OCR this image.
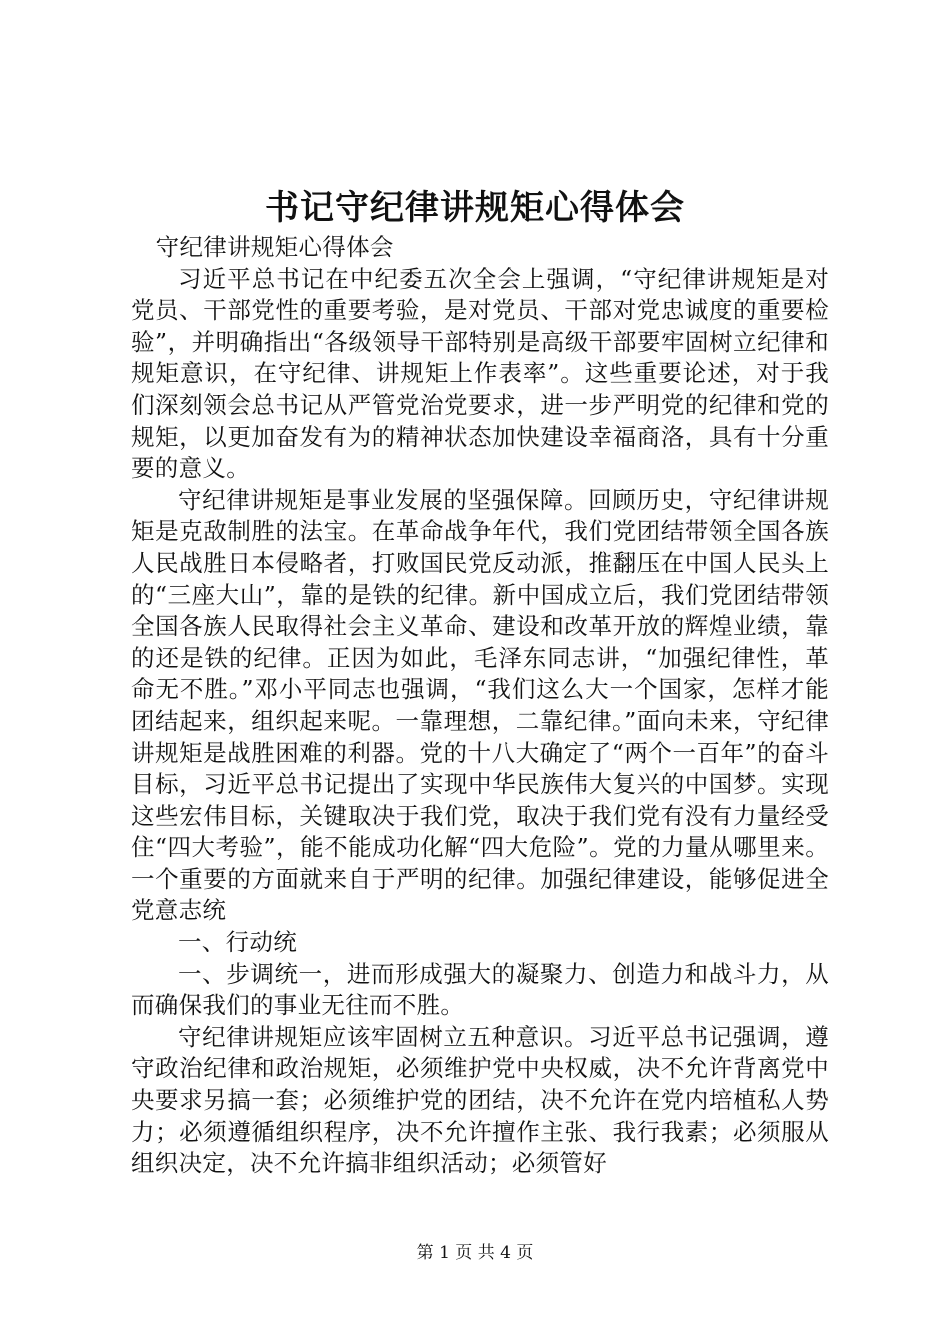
书记守纪律讲规矩心得体会

守纪律讲规矩心得体会

习近平总书记在中纪委五次全会上强调，“守纪律讲规矩是对党员、干部党性的重要考验，是对党员、干部对党忠诚度的重要检验”，并明确指出“各级领导干部特别是高级干部要牢固树立纪律和规矩意识，在守纪律、讲规矩上作表率”。这些重要论述，对于我们深刻领会总书记从严管党治党要求，进一步严明党的纪律和党的规矩，以更加奋发有为的精神状态加快建设幸福商洛，具有十分重要的意义。

守纪律讲规矩是事业发展的坚强保障。回顾历史，守纪律讲规矩是克敌制胜的法宝。在革命战争年代，我们党团结带领全国各族人民战胜日本侵略者，打败国民党反动派，推翻压在中国人民头上的“三座大山”，靠的是铁的纪律。新中国成立后，我们党团结带领全国各族人民取得社会主义革命、建设和改革开放的辉煌业绩，靠的还是铁的纪律。正因为如此，毛泽东同志讲，“加强纪律性，革命无不胜。”邓小平同志也强调，“我们这么大一个国家，怎样才能团结起来，组织起来呢。一靠理想，二靠纪律。”面向未来，守纪律讲规矩是战胜困难的利器。党的十八大确定了“两个一百年”的奋斗目标，习近平总书记提出了实现中华民族伟大复兴的中国梦。实现这些宏伟目标，关键取决于我们党，取决于我们党有没有力量经受住“四大考验”，能不能成功化解“四大危险”。党的力量从哪里来。一个重要的方面就来自于严明的纪律。加强纪律建设，能够促进全党意志统

一、行动统

一、步调统一，进而形成强大的凝聚力、创造力和战斗力，从而确保我们的事业无往而不胜。

守纪律讲规矩应该牢固树立五种意识。习近平总书记强调，遵守政治纪律和政治规矩，必须维护党中央权威，决不允许背离党中央要求另搞一套；必须维护党的团结，决不允许在党内培植私人势力；必须遵循组织程序，决不允许擅作主张、我行我素；必须服从组织决定，决不允许搞非组织活动；必须管好

第 1 页 共 4 页
